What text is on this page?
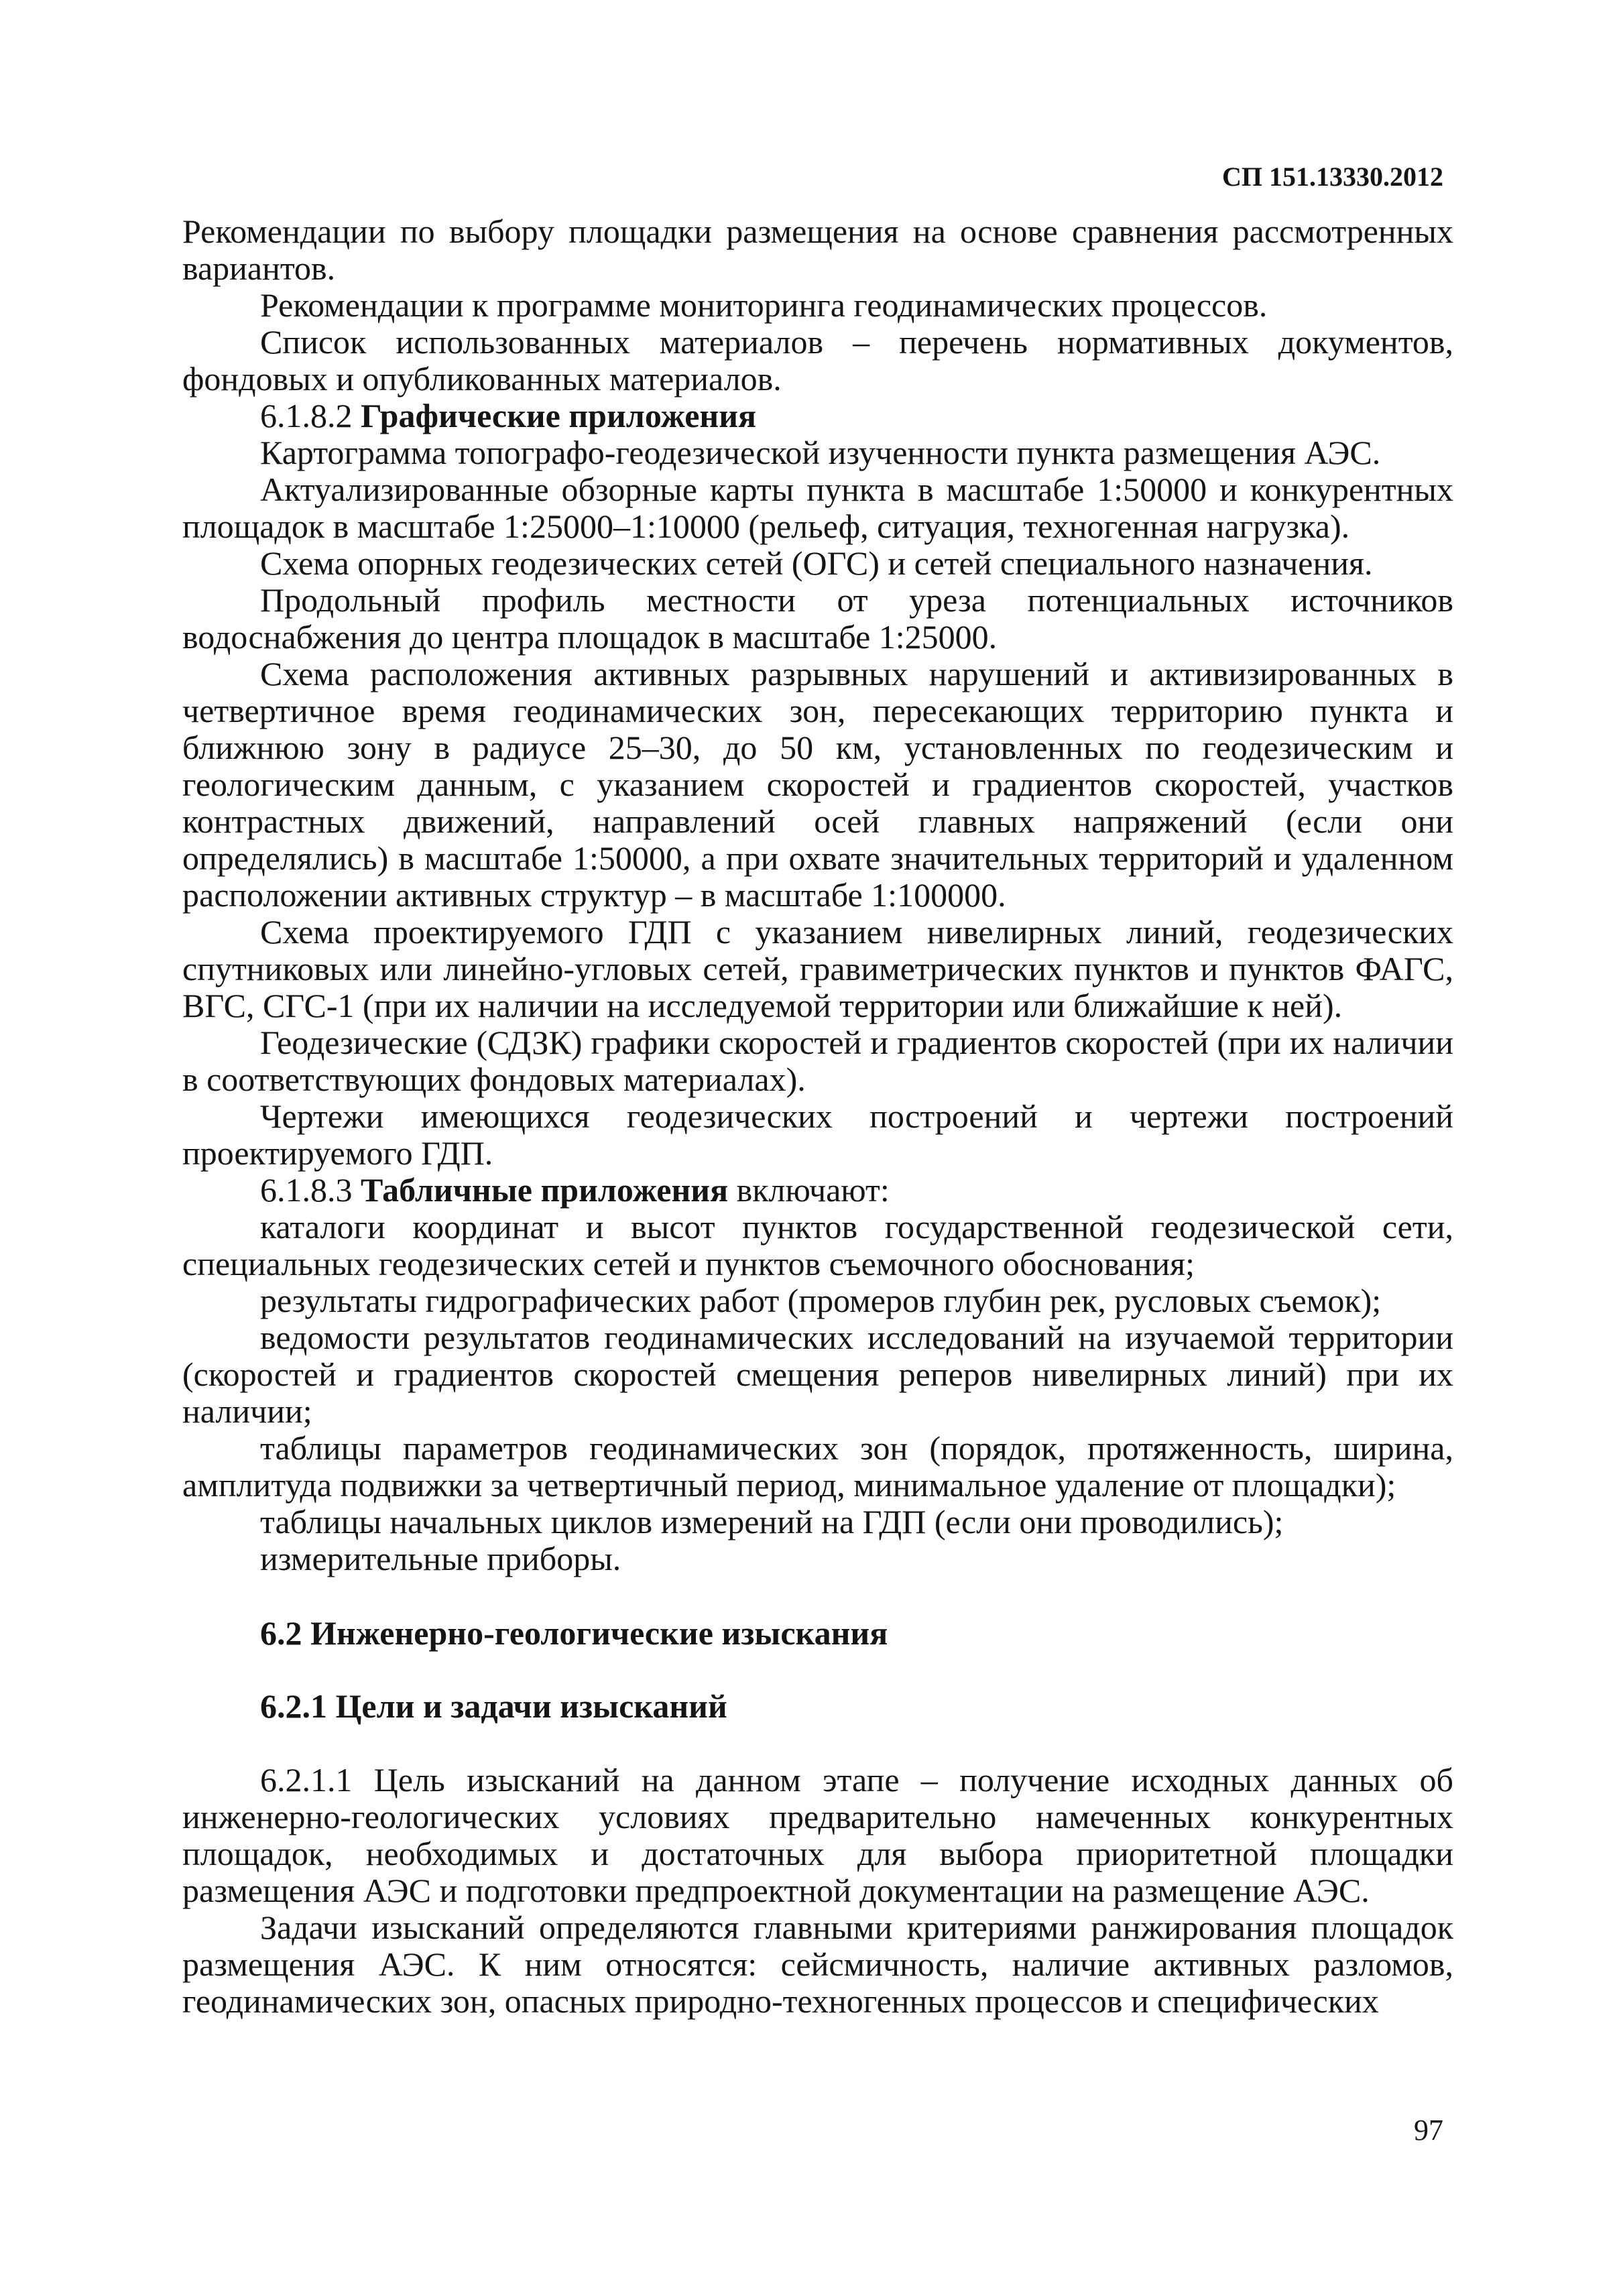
СП 151.13330.2012

Рекомендации по выбору площадки размещения на основе сравнения рассмотренных вариантов.

Рекомендации к программе мониторинга геодинамических процессов.

Список использованных материалов – перечень нормативных документов, фондовых и опубликованных материалов.

6.1.8.2 Графические приложения

Картограмма топографо-геодезической изученности пункта размещения АЭС.

Актуализированные обзорные карты пункта в масштабе 1:50000 и конкурентных площадок в масштабе 1:25000–1:10000 (рельеф, ситуация, техногенная нагрузка).

Схема опорных геодезических сетей (ОГС) и сетей специального назначения.

Продольный профиль местности от уреза потенциальных источников водоснабжения до центра площадок в масштабе 1:25000.

Схема расположения активных разрывных нарушений и активизированных в четвертичное время геодинамических зон, пересекающих территорию пункта и ближнюю зону в радиусе 25–30, до 50 км, установленных по геодезическим и геологическим данным, с указанием скоростей и градиентов скоростей, участков контрастных движений, направлений осей главных напряжений (если они определялись) в масштабе 1:50000, а при охвате значительных территорий и удаленном расположении активных структур – в масштабе 1:100000.

Схема проектируемого ГДП с указанием нивелирных линий, геодезических спутниковых или линейно-угловых сетей, гравиметрических пунктов и пунктов ФАГС, ВГС, СГС-1 (при их наличии на исследуемой территории или ближайшие к ней).

Геодезические (СДЗК) графики скоростей и градиентов скоростей (при их наличии в соответствующих фондовых материалах).

Чертежи имеющихся геодезических построений и чертежи построений проектируемого ГДП.

6.1.8.3 Табличные приложения включают:

каталоги координат и высот пунктов государственной геодезической сети, специальных геодезических сетей и пунктов съемочного обоснования;

результаты гидрографических работ (промеров глубин рек, русловых съемок);

ведомости результатов геодинамических исследований на изучаемой территории (скоростей и градиентов скоростей смещения реперов нивелирных линий) при их наличии;

таблицы параметров геодинамических зон (порядок, протяженность, ширина, амплитуда подвижки за четвертичный период, минимальное удаление от площадки);

таблицы начальных циклов измерений на ГДП (если они проводились);

измерительные приборы.

6.2 Инженерно-геологические изыскания
6.2.1 Цели и задачи изысканий

6.2.1.1 Цель изысканий на данном этапе – получение исходных данных об инженерно-геологических условиях предварительно намеченных конкурентных площадок, необходимых и достаточных для выбора приоритетной площадки размещения АЭС и подготовки предпроектной документации на размещение АЭС.

Задачи изысканий определяются главными критериями ранжирования площадок размещения АЭС. К ним относятся: сейсмичность, наличие активных разломов, геодинамических зон, опасных природно-техногенных процессов и специфических

97
